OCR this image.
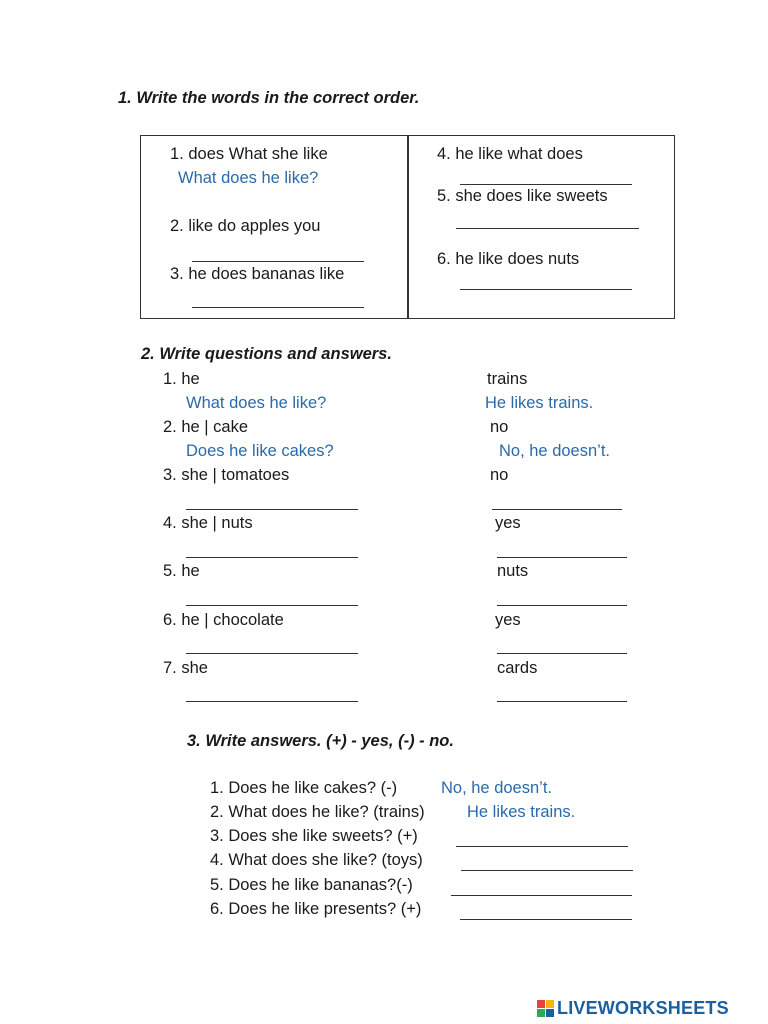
1. Write the words in the correct order.
1. does What she like
What does he like?
2. like do apples you
3. he does bananas like
4. he like what does
5. she does like sweets
6. he like does nuts
2. Write questions and answers.
1. he	trains
What does he like?	He likes trains.
2. he | cake	no
Does he like cakes?	No, he doesn’t.
3. she | tomatoes	no
4. she | nuts	yes
5. he	nuts
6. he | chocolate	yes
7. she	cards
3. Write answers. (+) - yes, (-) - no.
1. Does he like cakes? (-)	No, he doesn’t.
2. What does he like? (trains)	He likes trains.
3. Does she like sweets? (+)
4. What does she like? (toys)
5. Does he like bananas?(-)
6. Does he like presents? (+)
LIVEWORKSHEETS
